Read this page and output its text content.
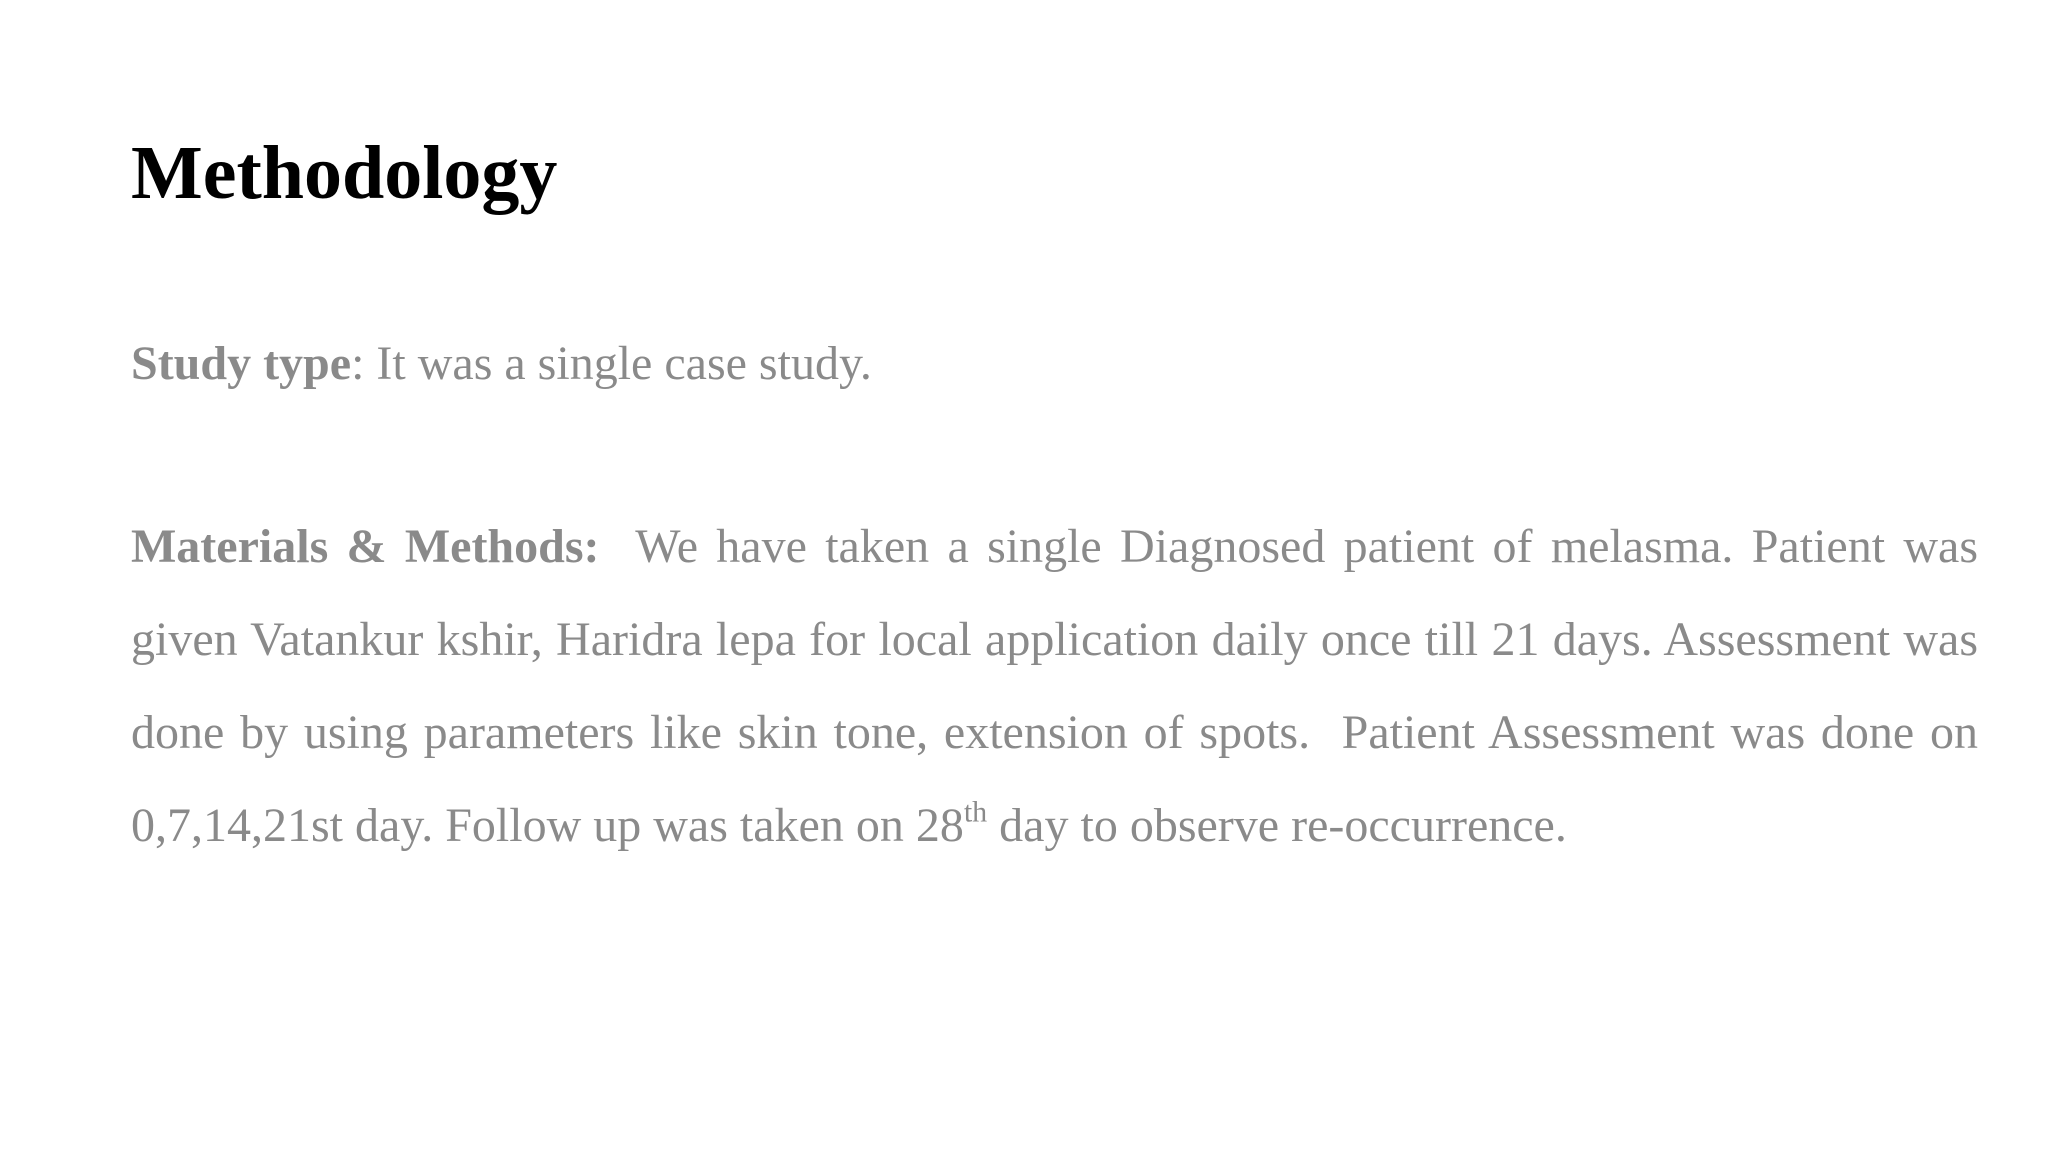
Methodology

Study type: It was a single case study.

Materials & Methods:  We have taken a single Diagnosed patient of melasma. Patient was given Vatankur kshir, Haridra lepa for local application daily once till 21 days. Assessment was done by using parameters like skin tone, extension of spots.  Patient Assessment was done on 0,7,14,21st day. Follow up was taken on 28th day to observe re-occurrence.
